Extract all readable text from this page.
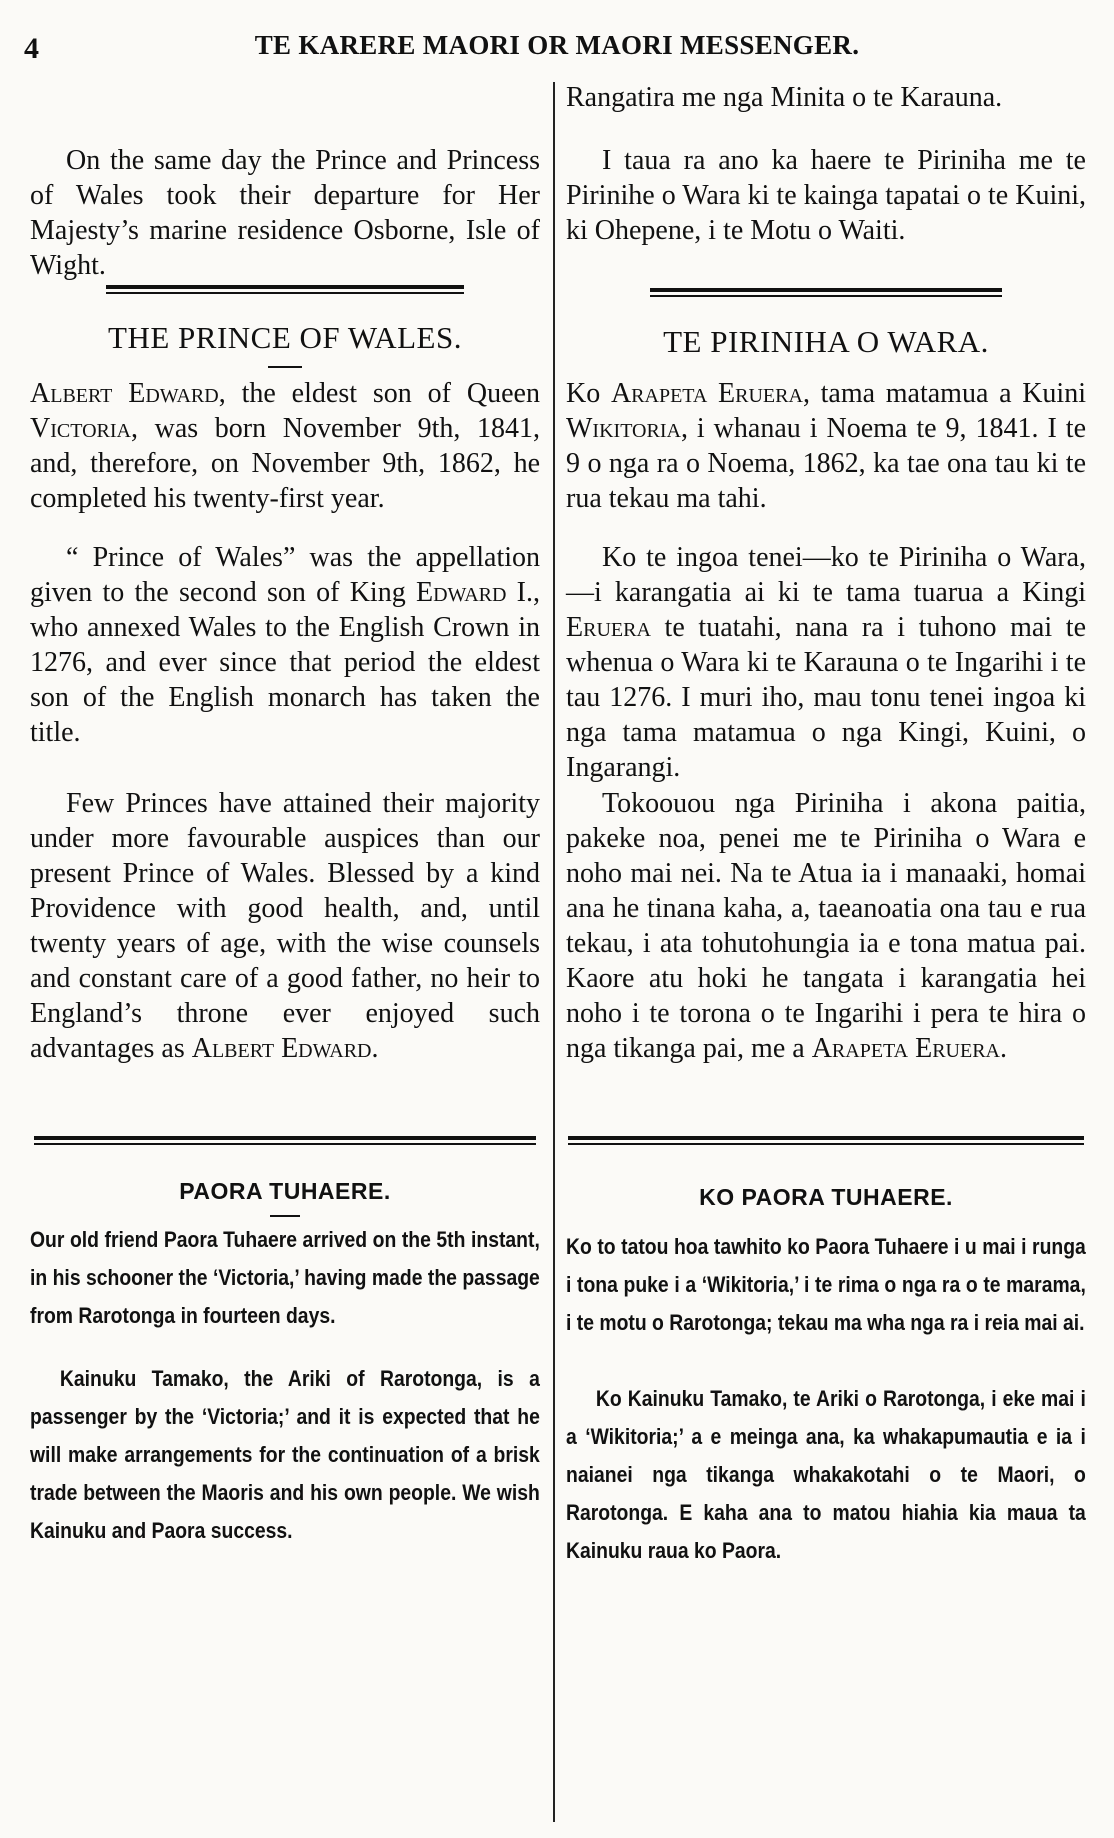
4	TE KARERE MAORI OR MAORI MESSENGER.

On the same day the Prince and Princess of Wales took their departure for Her Majesty’s marine residence Osborne, Isle of Wight.

THE PRINCE OF WALES.

Albert Edward, the eldest son of Queen Victoria, was born November 9th, 1841, and, therefore, on November 9th, 1862, he completed his twenty-first year.

“ Prince of Wales” was the appellation given to the second son of King Edward I., who annexed Wales to the English Crown in 1276, and ever since that period the eldest son of the English monarch has taken the title.

Few Princes have attained their majority under more favourable auspices than our present Prince of Wales. Blessed by a kind Providence with good health, and, until twenty years of age, with the wise counsels and constant care of a good father, no heir to England’s throne ever enjoyed such advantages as Albert Edward.

PAORA TUHAERE.

Our old friend Paora Tuhaere arrived on the 5th instant, in his schooner the ‘Victoria,’ having made the passage from Rarotonga in fourteen days.

Kainuku Tamako, the Ariki of Rarotonga, is a passenger by the ‘Victoria;’ and it is expected that he will make arrangements for the continuation of a brisk trade between the Maoris and his own people. We wish Kainuku and Paora success.

Rangatira me nga Minita o te Karauna.

I taua ra ano ka haere te Piriniha me te Pirinihe o Wara ki te kainga tapatai o te Kuini, ki Ohepene, i te Motu o Waiti.

TE PIRINIHA O WARA.

Ko Arapeta Eruera, tama matamua a Kuini Wikitoria, i whanau i Noema te 9, 1841. I te 9 o nga ra o Noema, 1862, ka tae ona tau ki te rua tekau ma tahi.

Ko te ingoa tenei—ko te Piriniha o Wara,—i karangatia ai ki te tama tuarua a Kingi Eruera te tuatahi, nana ra i tuhono mai te whenua o Wara ki te Karauna o te Ingarihi i te tau 1276. I muri iho, mau tonu tenei ingoa ki nga tama matamua o nga Kingi, Kuini, o Ingarangi.

Tokoouou nga Piriniha i akona paitia, pakeke noa, penei me te Piriniha o Wara e noho mai nei. Na te Atua ia i manaaki, homai ana he tinana kaha, a, taeanoatia ona tau e rua tekau, i ata tohutohungia ia e tona matua pai. Kaore atu hoki he tangata i karangatia hei noho i te torona o te Ingarihi i pera te hira o nga tikanga pai, me a Arapeta Eruera.

KO PAORA TUHAERE.

Ko to tatou hoa tawhito ko Paora Tuhaere i u mai i runga i tona puke i a ‘Wikitoria,’ i te rima o nga ra o te marama, i te motu o Rarotonga; tekau ma wha nga ra i reia mai ai.

Ko Kainuku Tamako, te Ariki o Rarotonga, i eke mai i a ‘Wikitoria;’ a e meinga ana, ka whakapumautia e ia i naianei nga tikanga whakakotahi o te Maori, o Rarotonga. E kaha ana to matou hiahia kia maua ta Kainuku raua ko Paora.
